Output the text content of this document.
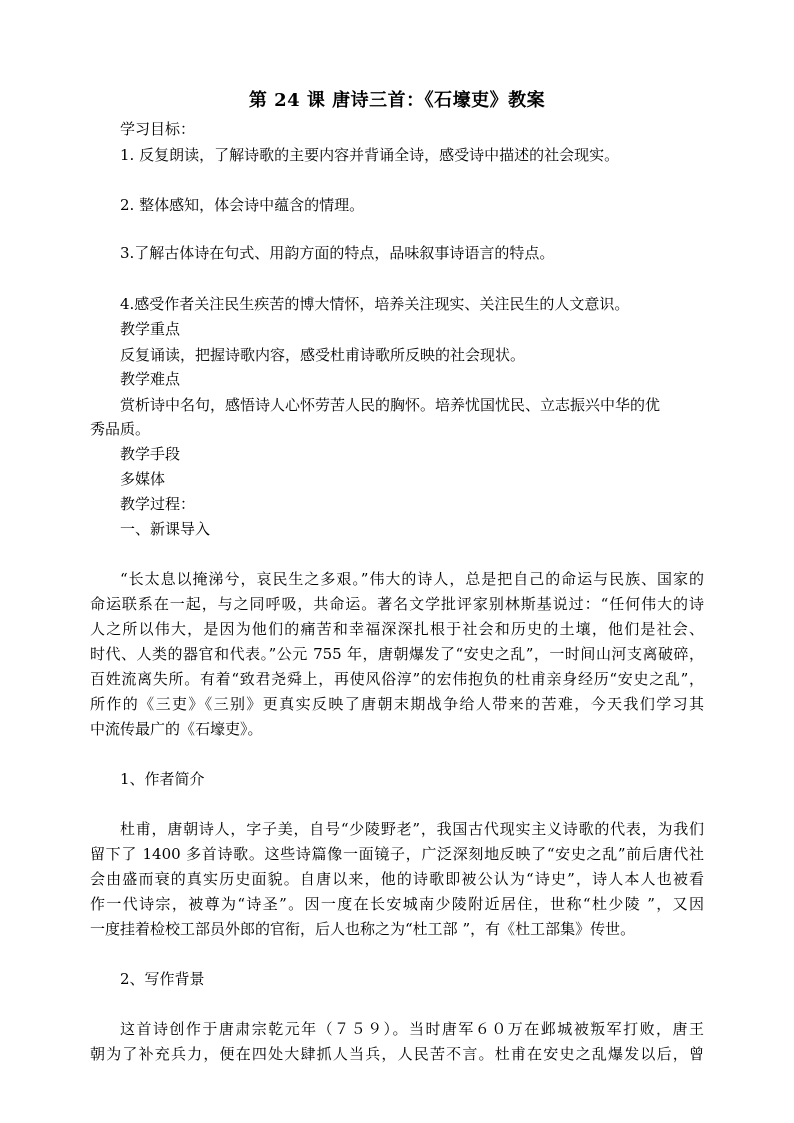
第 24 课 唐诗三首：《石壕吏》教案
学习目标：
1. 反复朗读，了解诗歌的主要内容并背诵全诗，感受诗中描述的社会现实。
2. 整体感知，体会诗中蕴含的情理。
3.了解古体诗在句式、用韵方面的特点，品味叙事诗语言的特点。
4.感受作者关注民生疾苦的博大情怀，培养关注现实、关注民生的人文意识。
教学重点
反复诵读，把握诗歌内容，感受杜甫诗歌所反映的社会现状。
教学难点
赏析诗中名句，感悟诗人心怀劳苦人民的胸怀。培养忧国忧民、立志振兴中华的优
秀品质。
教学手段
多媒体
教学过程：
一、新课导入
“长太息以掩涕兮，哀民生之多艰。”伟大的诗人，总是把自己的命运与民族、国家的
命运联系在一起，与之同呼吸，共命运。著名文学批评家别林斯基说过：“任何伟大的诗
人之所以伟大，是因为他们的痛苦和幸福深深扎根于社会和历史的土壤，他们是社会、
时代、人类的器官和代表。”公元 755 年，唐朝爆发了“安史之乱”，一时间山河支离破碎，
百姓流离失所。有着“致君尧舜上，再使风俗淳”的宏伟抱负的杜甫亲身经历“安史之乱”，
所作的《三吏》《三别》更真实反映了唐朝末期战争给人带来的苦难，今天我们学习其
中流传最广的《石壕吏》。
1、作者简介
杜甫，唐朝诗人，字子美，自号“少陵野老”，我国古代现实主义诗歌的代表，为我们
留下了 1400 多首诗歌。这些诗篇像一面镜子，广泛深刻地反映了“安史之乱”前后唐代社
会由盛而衰的真实历史面貌。自唐以来，他的诗歌即被公认为“诗史”，诗人本人也被看
作一代诗宗，被尊为“诗圣”。因一度在长安城南少陵附近居住，世称“杜少陵 ”，又因
一度挂着检校工部员外郎的官衔，后人也称之为“杜工部 ”，有《杜工部集》传世。
2、写作背景
这首诗创作于唐肃宗乾元年（７５９）。当时唐军６０万在邺城被叛军打败，唐王
朝为了补充兵力，便在四处大肆抓人当兵，人民苦不言。杜甫在安史之乱爆发以后，曾
